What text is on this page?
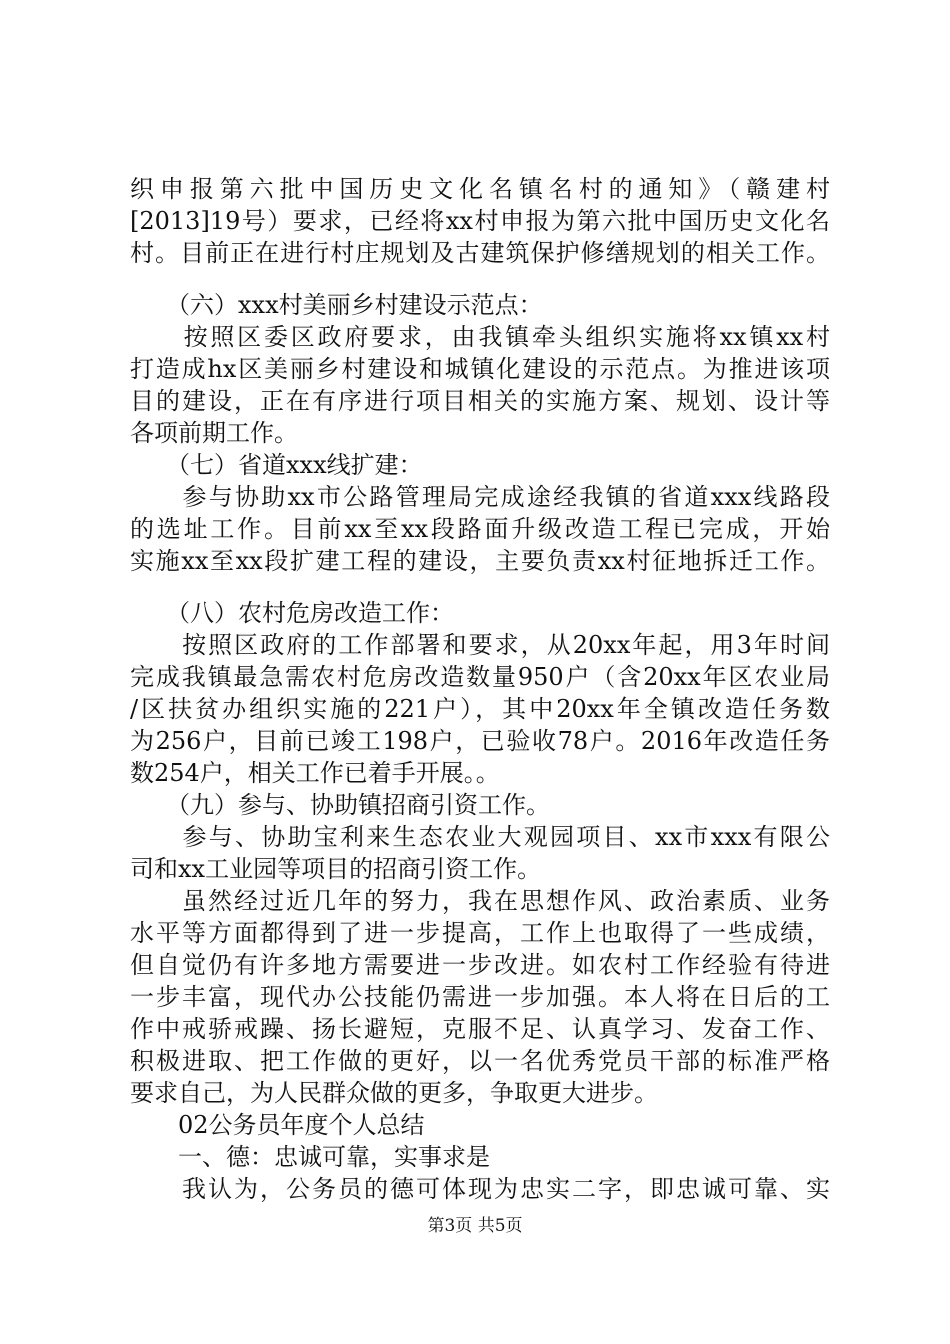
织申报第六批中国历史文化名镇名村的通知》（赣建村
[2013]19号）要求，已经将xx村申报为第六批中国历史文化名
村。目前正在进行村庄规划及古建筑保护修缮规划的相关工作。
　　（六）xxx村美丽乡村建设示范点：
　　按照区委区政府要求，由我镇牵头组织实施将xx镇xx村
打造成hx区美丽乡村建设和城镇化建设的示范点。为推进该项
目的建设，正在有序进行项目相关的实施方案、规划、设计等
各项前期工作。
　　（七）省道xxx线扩建：
　　参与协助xx市公路管理局完成途经我镇的省道xxx线路段
的选址工作。目前xx至xx段路面升级改造工程已完成，开始
实施xx至xx段扩建工程的建设，主要负责xx村征地拆迁工作。
　　（八）农村危房改造工作：
　　按照区政府的工作部署和要求，从20xx年起，用3年时间
完成我镇最急需农村危房改造数量950户（含20xx年区农业局
/区扶贫办组织实施的221户），其中20xx年全镇改造任务数
为256户，目前已竣工198户，已验收78户。2016年改造任务
数254户，相关工作已着手开展。。
　　（九）参与、协助镇招商引资工作。
　　参与、协助宝利来生态农业大观园项目、xx市xxx有限公
司和xx工业园等项目的招商引资工作。
　　虽然经过近几年的努力，我在思想作风、政治素质、业务
水平等方面都得到了进一步提高，工作上也取得了一些成绩，
但自觉仍有许多地方需要进一步改进。如农村工作经验有待进
一步丰富，现代办公技能仍需进一步加强。本人将在日后的工
作中戒骄戒躁、扬长避短，克服不足、认真学习、发奋工作、
积极进取、把工作做的更好，以一名优秀党员干部的标准严格
要求自己，为人民群众做的更多，争取更大进步。
　　02公务员年度个人总结
　　一、德：忠诚可靠，实事求是
　　我认为，公务员的德可体现为忠实二字，即忠诚可靠、实
第3页 共5页
